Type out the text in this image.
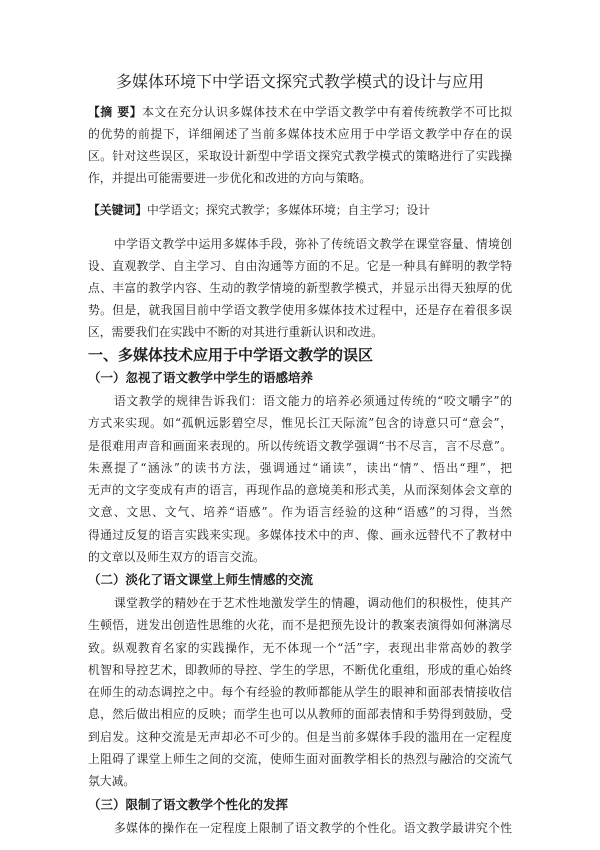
多媒体环境下中学语文探究式教学模式的设计与应用
【摘 要】本文在充分认识多媒体技术在中学语文教学中有着传统教学不可比拟
的优势的前提下，详细阐述了当前多媒体技术应用于中学语文教学中存在的误
区。针对这些误区，采取设计新型中学语文探究式教学模式的策略进行了实践操
作，并提出可能需要进一步优化和改进的方向与策略。
【关键词】中学语文；探究式教学；多媒体环境；自主学习；设计
中学语文教学中运用多媒体手段，弥补了传统语文教学在课堂容量、情境创
设、直观教学、自主学习、自由沟通等方面的不足。它是一种具有鲜明的教学特
点、丰富的教学内容、生动的教学情境的新型教学模式，并显示出得天独厚的优
势。但是，就我国目前中学语文教学使用多媒体技术过程中，还是存在着很多误
区，需要我们在实践中不断的对其进行重新认识和改进。
一、多媒体技术应用于中学语文教学的误区
（一）忽视了语文教学中学生的语感培养
语文教学的规律告诉我们：语文能力的培养必须通过传统的“咬文嚼字”的
方式来实现。如“孤帆远影碧空尽，惟见长江天际流”包含的诗意只可“意会”，
是很难用声音和画面来表现的。所以传统语文教学强调“书不尽言，言不尽意”。
朱熹提了“涵泳”的读书方法，强调通过“诵读”，读出“情”、悟出“理”，把
无声的文字变成有声的语言，再现作品的意境美和形式美，从而深刻体会文章的
文意、文思、文气、培养“语感”。作为语言经验的这种“语感”的习得，当然
得通过反复的语言实践来实现。多媒体技术中的声、像、画永远替代不了教材中
的文章以及师生双方的语言交流。
（二）淡化了语文课堂上师生情感的交流
课堂教学的精妙在于艺术性地激发学生的情趣，调动他们的积极性，使其产
生顿悟，迸发出创造性思维的火花，而不是把预先设计的教案表演得如何淋漓尽
致。纵观教育名家的实践操作，无不体现一个“活”字，表现出非常高妙的教学
机智和导控艺术，即教师的导控、学生的学思，不断优化重组，形成的重心始终
在师生的动态调控之中。每个有经验的教师都能从学生的眼神和面部表情接收信
息，然后做出相应的反映；而学生也可以从教师的面部表情和手势得到鼓励，受
到启发。这种交流是无声却必不可少的。但是当前多媒体手段的滥用在一定程度
上阻碍了课堂上师生之间的交流，使师生面对面教学相长的热烈与融洽的交流气
氛大减。
（三）限制了语文教学个性化的发挥
多媒体的操作在一定程度上限制了语文教学的个性化。语文教学最讲究个性
